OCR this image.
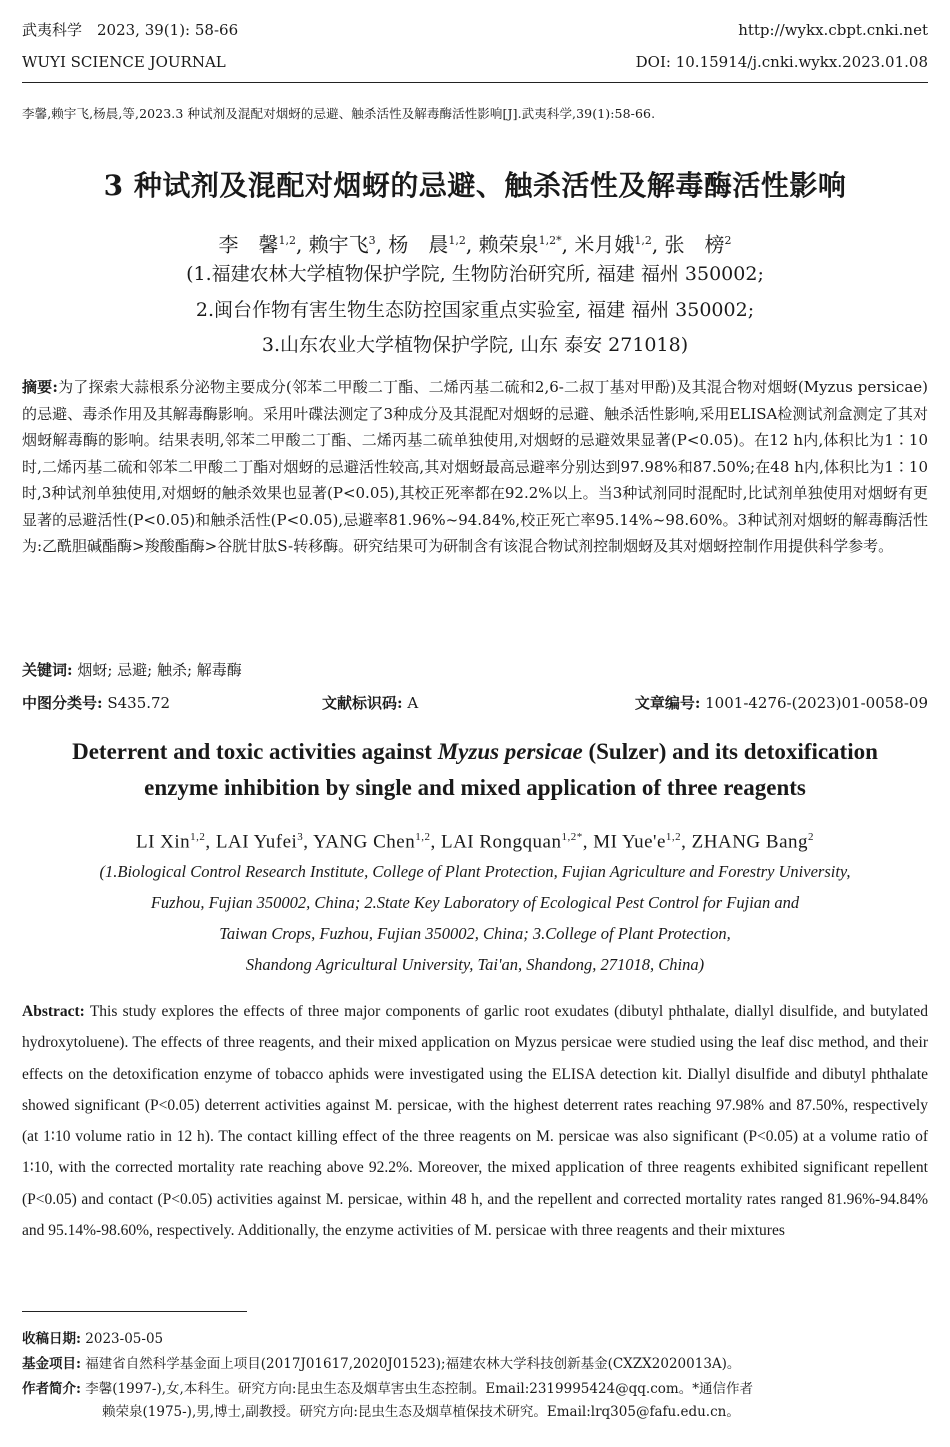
武夷科学　2023, 39(1): 58-66	http://wykx.cbpt.cnki.net
WUYI SCIENCE JOURNAL	DOI: 10.15914/j.cnki.wykx.2023.01.08
李馨,赖宇飞,杨晨,等,2023.3 种试剂及混配对烟蚜的忌避、触杀活性及解毒酶活性影响[J].武夷科学,39(1):58-66.
3 种试剂及混配对烟蚜的忌避、触杀活性及解毒酶活性影响
李　馨$^{1,2}$, 赖宇飞$^3$, 杨　晨$^{1,2}$, 赖荣泉$^{1,2*}$, 米月娥$^{1,2}$, 张　榜$^2$
(1.福建农林大学植物保护学院, 生物防治研究所, 福建 福州 350002;
2.闽台作物有害生物生态防控国家重点实验室, 福建 福州 350002;
3.山东农业大学植物保护学院, 山东 泰安 271018)
摘要:为了探索大蒜根系分泌物主要成分(邻苯二甲酸二丁酯、二烯丙基二硫和2,6-二叔丁基对甲酚)及其混合物对烟蚜(Myzus persicae)的忌避、毒杀作用及其解毒酶影响。采用叶碟法测定了3种成分及其混配对烟蚜的忌避、触杀活性影响,采用ELISA检测试剂盒测定了其对烟蚜解毒酶的影响。结果表明,邻苯二甲酸二丁酯、二烯丙基二硫单独使用,对烟蚜的忌避效果显著(P<0.05)。在12 h内,体积比为1∶10时,二烯丙基二硫和邻苯二甲酸二丁酯对烟蚜的忌避活性较高,其对烟蚜最高忌避率分别达到97.98%和87.50%;在48 h内,体积比为1∶10时,3种试剂单独使用,对烟蚜的触杀效果也显著(P<0.05),其校正死率都在92.2%以上。当3种试剂同时混配时,比试剂单独使用对烟蚜有更显著的忌避活性(P<0.05)和触杀活性(P<0.05),忌避率81.96%~94.84%,校正死亡率95.14%~98.60%。3种试剂对烟蚜的解毒酶活性为:乙酰胆碱酯酶>羧酸酯酶>谷胱甘肽S-转移酶。研究结果可为研制含有该混合物试剂控制烟蚜及其对烟蚜控制作用提供科学参考。
关键词: 烟蚜; 忌避; 触杀; 解毒酶
中图分类号: S435.72	文献标识码: A	文章编号: 1001-4276-(2023)01-0058-09
Deterrent and toxic activities against Myzus persicae (Sulzer) and its detoxification
enzyme inhibition by single and mixed application of three reagents
LI Xin$^{1,2}$, LAI Yufei$^3$, YANG Chen$^{1,2}$, LAI Rongquan$^{1,2*}$, MI $Yue'e^{1,2}$, ZHANG Bang$^2$
(1.Biological Control Research Institute, College of Plant Protection, Fujian Agriculture and Forestry University,
Fuzhou, Fujian 350002, China; 2.State Key Laboratory of Ecological Pest Control for Fujian and
Taiwan Crops, Fuzhou, Fujian 350002, China; 3.College of Plant Protection,
Shandong Agricultural University, Tai'an, Shandong, 271018, China)
Abstract: This study explores the effects of three major components of garlic root exudates (dibutyl phthalate, diallyl disulfide, and butylated hydroxytoluene). The effects of three reagents, and their mixed application on Myzus persicae were studied using the leaf disc method, and their effects on the detoxification enzyme of tobacco aphids were investigated using the ELISA detection kit. Diallyl disulfide and dibutyl phthalate showed significant (P<0.05) deterrent activities against M. persicae, with the highest deterrent rates reaching 97.98% and 87.50%, respectively (at 1∶10 volume ratio in 12 h). The contact killing effect of the three reagents on M. persicae was also significant (P<0.05) at a volume ratio of 1∶10, with the corrected mortality rate reaching above 92.2%. Moreover, the mixed application of three reagents exhibited significant repellent (P<0.05) and contact (P<0.05) activities against M. persicae, within 48 h, and the repellent and corrected mortality rates ranged 81.96%-94.84% and 95.14%-98.60%, respectively. Additionally, the enzyme activities of M. persicae with three reagents and their mixtures
收稿日期: 2023-05-05
基金项目: 福建省自然科学基金面上项目(2017J01617,2020J01523);福建农林大学科技创新基金(CXZX2020013A)。
作者简介: 李馨(1997-),女,本科生。研究方向:昆虫生态及烟草害虫生态控制。Email:2319995424@qq.com。*通信作者
赖荣泉(1975-),男,博士,副教授。研究方向:昆虫生态及烟草植保技术研究。Email:lrq305@fafu.edu.cn。
